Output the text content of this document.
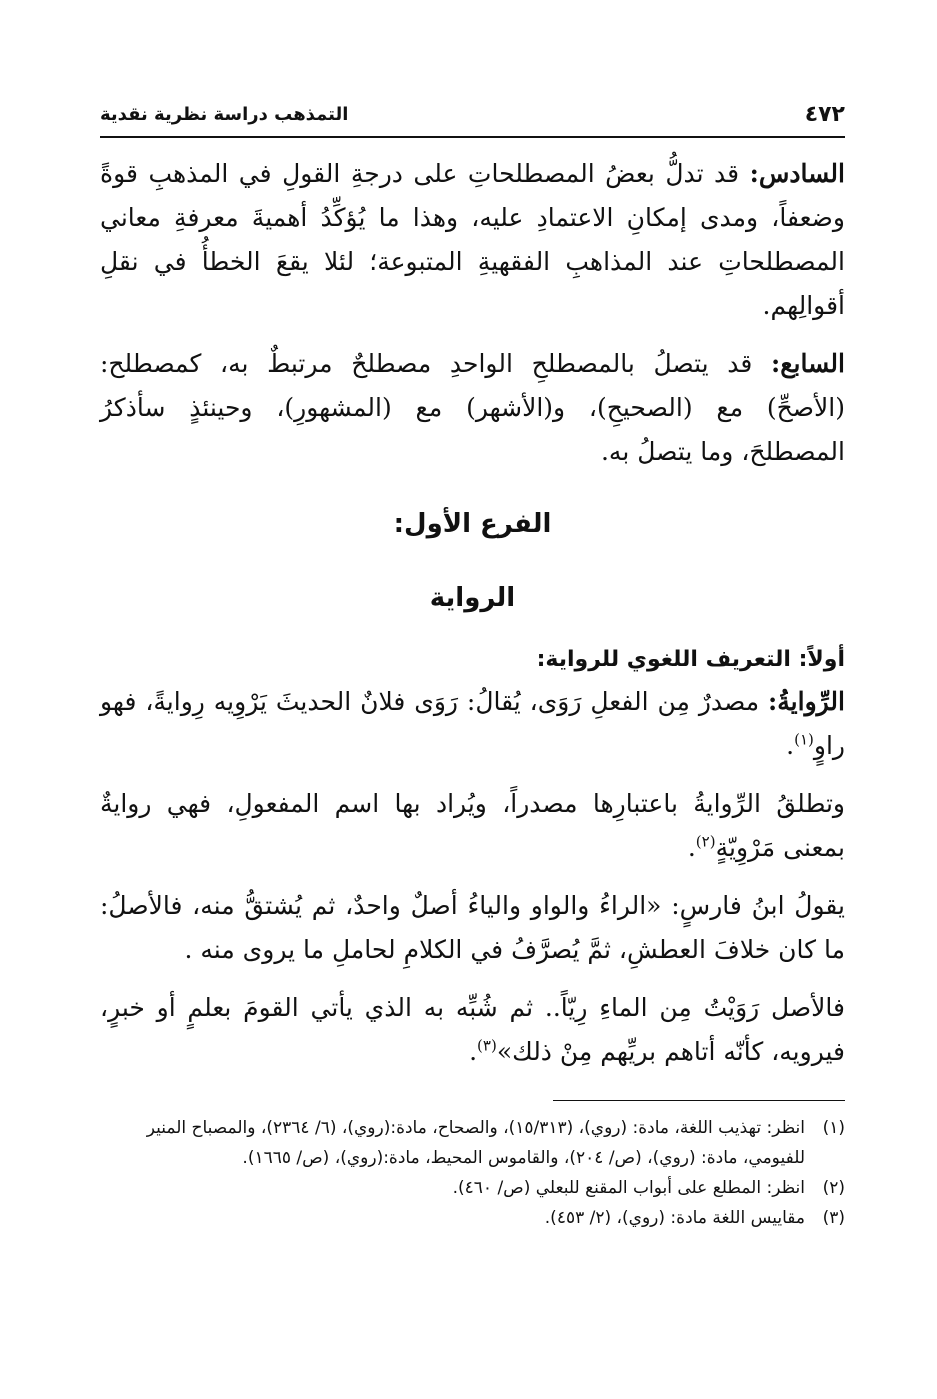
٤٧٢
التمذهب دراسة نظرية نقدية

السادس: قد تدلُّ بعضُ المصطلحاتِ على درجةِ القولِ في المذهبِ قوةً وضعفاً، ومدى إمكانِ الاعتمادِ عليه، وهذا ما يُؤكِّدُ أهميةَ معرفةِ معاني المصطلحاتِ عند المذاهبِ الفقهيةِ المتبوعة؛ لئلا يقعَ الخطأُ في نقلِ أقوالِهم.

السابع: قد يتصلُ بالمصطلحِ الواحدِ مصطلحٌ مرتبطٌ به، كمصطلح: (الأصحِّ) مع (الصحيحِ)، و(الأشهر) مع (المشهورِ)، وحينئذٍ سأذكرُ المصطلحَ، وما يتصلُ به.

الفرع الأول:
الرواية
أولاً: التعريف اللغوي للرواية:

الرِّوايةُ: مصدرٌ مِن الفعلِ رَوَى، يُقالُ: رَوَى فلانٌ الحديثَ يَرْوِيه رِوايةً، فهو راوٍ$^{(١)}$.

وتطلقُ الرِّوايةُ باعتبارِها مصدراً، ويُراد بها اسم المفعولِ، فهي روايةٌ بمعنى مَرْوِيّةٍ$^{(٢)}$.

يقولُ ابنُ فارسٍ: «الراءُ والواو والياءُ أصلٌ واحدٌ، ثم يُشتقُّ منه، فالأصلُ: ما كان خلافَ العطشِ، ثمَّ يُصرَّفُ في الكلامِ لحاملِ ما يروى منه .

فالأصل رَوَيْتُ مِن الماءِ رِيّاً.. ثم شُبِّه به الذي يأتي القومَ بعلمٍ أو خبرٍ، فيرويه، كأنّه أتاهم بريِّهم مِنْ ذلك»$^{(٣)}$.

(١)
انظر: تهذيب اللغة، مادة: (روي)، (١٥/٣١٣)، والصحاح، مادة:(روي)، (٦/ ٢٣٦٤)، والمصباح المنير للفيومي، مادة: (روي)، (ص/ ٢٠٤)، والقاموس المحيط، مادة:(روي)، (ص/ ١٦٦٥).
(٢)
انظر: المطلع على أبواب المقنع للبعلي (ص/ ٤٦٠).
(٣)
مقاييس اللغة مادة: (روي)، (٢/ ٤٥٣).
